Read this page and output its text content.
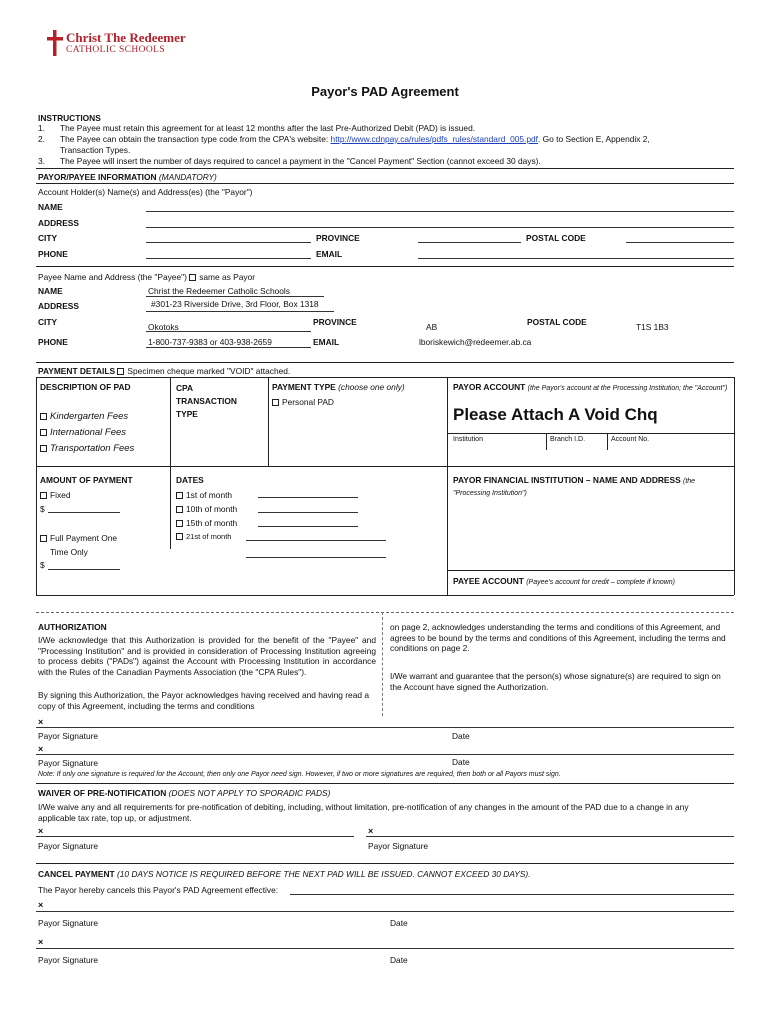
Christ The Redeemer
CATHOLIC SCHOOLS
Payor's PAD Agreement
INSTRUCTIONS
1. The Payee must retain this agreement for at least 12 months after the last Pre-Authorized Debit (PAD) is issued.
2. The Payee can obtain the transaction type code from the CPA's website: http://www.cdnpay.ca/rules/pdfs_rules/standard_005.pdf. Go to Section E, Appendix 2,
Transaction Types.
3. The Payee will insert the number of days required to cancel a payment in the "Cancel Payment" Section (cannot exceed 30 days).
PAYOR/PAYEE INFORMATION (MANDATORY)
Account Holder(s) Name(s) and Address(es) (the "Payor")
NAME
ADDRESS
CITY	PROVINCE	POSTAL CODE
PHONE	EMAIL
Payee Name and Address (the "Payee") same as Payor
NAME	Christ the Redeemer Catholic Schools
ADDRESS	#301-23 Riverside Drive, 3rd Floor, Box 1318
CITY	Okotoks	PROVINCE	AB	POSTAL CODE	T1S 1B3
PHONE	1-800-737-9383 or 403-938-2659	EMAIL	lboriskewich@redeemer.ab.ca
PAYMENT DETAILS Specimen cheque marked "VOID" attached.
DESCRIPTION OF PAD
Kindergarten Fees
International Fees
Transportation Fees
CPA
TRANSACTION
TYPE
PAYMENT TYPE (choose one only)
Personal PAD
PAYOR ACCOUNT (the Payor's account at the Processing Institution; the "Account")
Please Attach A Void Chq
Institution	Branch I.D.	Account No.
AMOUNT OF PAYMENT
Fixed
$
Full Payment One
Time Only
$
DATES
1st of month
10th of month
15th of month
21st of month
PAYOR FINANCIAL INSTITUTION – NAME AND ADDRESS (the "Processing Institution")
PAYEE ACCOUNT (Payee's account for credit – complete if known)
AUTHORIZATION
I/We acknowledge that this Authorization is provided for the benefit of the "Payee" and "Processing Institution" and is provided in consideration of Processing Institution agreeing to process debits ("PADs") against the Account with Processing Institution in accordance with the Rules of the Canadian Payments Association (the "CPA Rules").
By signing this Authorization, the Payor acknowledges having received and having read a copy of this Agreement, including the terms and conditions
on page 2, acknowledges understanding the terms and conditions of this Agreement, and agrees to be bound by the terms and conditions of this Agreement, including the terms and conditions on page 2.
I/We warrant and guarantee that the person(s) whose signature(s) are required to sign on the Account have signed the Authorization.
×
Payor Signature	Date
×
Payor Signature	Date
Note: If only one signature is required for the Account, then only one Payor need sign. However, if two or more signatures are required, then both or all Payors must sign.
WAIVER OF PRE-NOTIFICATION (DOES NOT APPLY TO SPORADIC PADS)
I/We waive any and all requirements for pre-notification of debiting, including, without limitation, pre-notification of any changes in the amount of the PAD due to a change in any applicable tax rate, top up, or adjustment.
×	×
Payor Signature	Payor Signature
CANCEL PAYMENT (10 DAYS NOTICE IS REQUIRED BEFORE THE NEXT PAD WILL BE ISSUED. CANNOT EXCEED 30 DAYS).
The Payor hereby cancels this Payor's PAD Agreement effective:
×
Payor Signature	Date
×
Payor Signature	Date
